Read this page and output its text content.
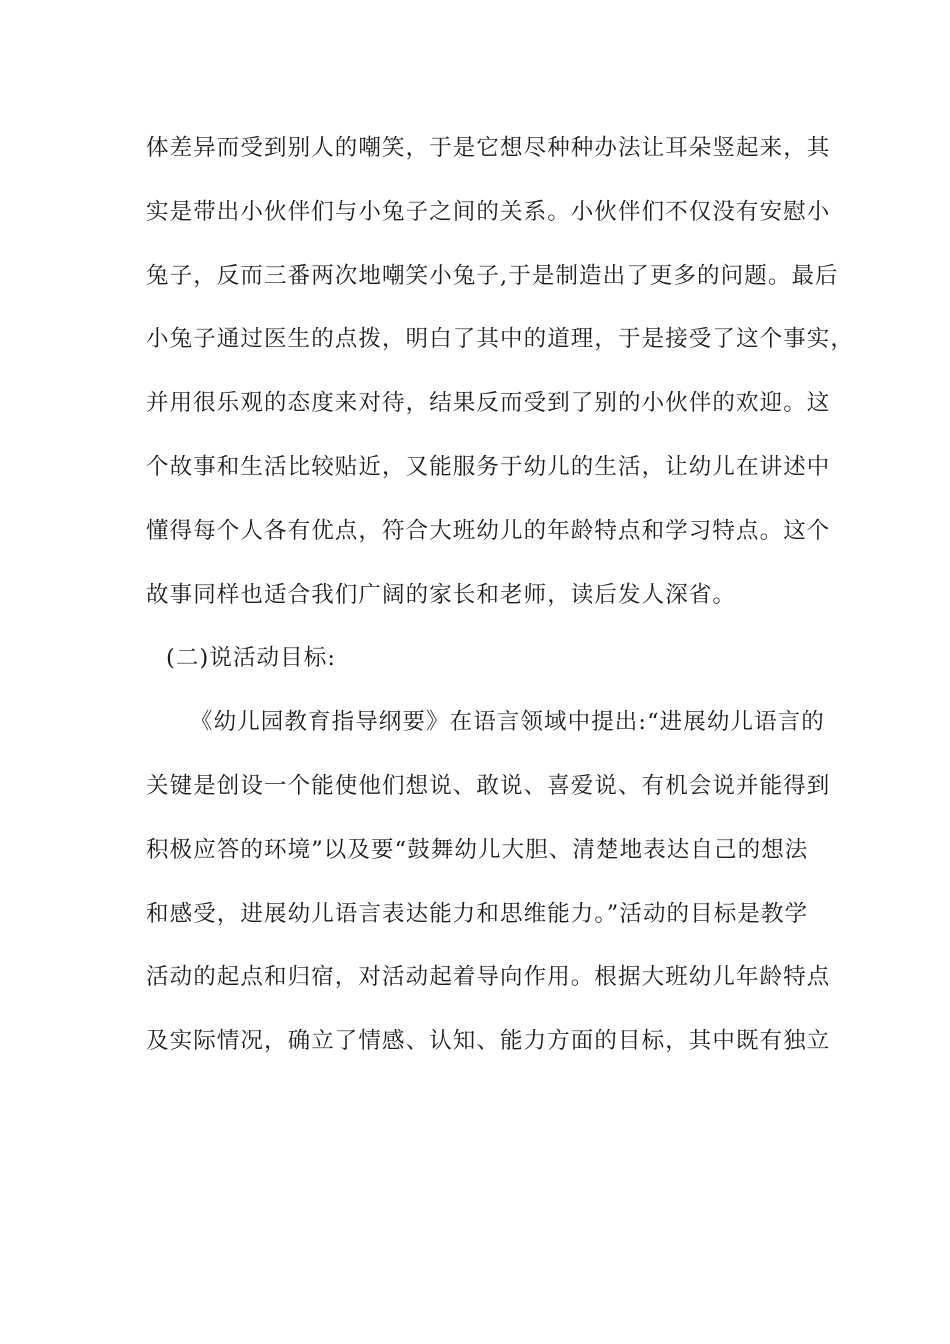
体差异而受到别人的嘲笑，于是它想尽种种办法让耳朵竖起来，其
实是带出小伙伴们与小兔子之间的关系。小伙伴们不仅没有安慰小
兔子，反而三番两次地嘲笑小兔子,于是制造出了更多的问题。最后
小兔子通过医生的点拨，明白了其中的道理，于是接受了这个事实，
并用很乐观的态度来对待，结果反而受到了别的小伙伴的欢迎。这
个故事和生活比较贴近，又能服务于幼儿的生活，让幼儿在讲述中
懂得每个人各有优点，符合大班幼儿的年龄特点和学习特点。这个
故事同样也适合我们广阔的家长和老师，读后发人深省。
(二)说活动目标:
《幼儿园教育指导纲要》在语言领域中提出:“进展幼儿语言的
关键是创设一个能使他们想说、敢说、喜爱说、有机会说并能得到
积极应答的环境”以及要“鼓舞幼儿大胆、清楚地表达自己的想法
和感受，进展幼儿语言表达能力和思维能力。”活动的目标是教学
活动的起点和归宿，对活动起着导向作用。根据大班幼儿年龄特点
及实际情况，确立了情感、认知、能力方面的目标，其中既有独立
